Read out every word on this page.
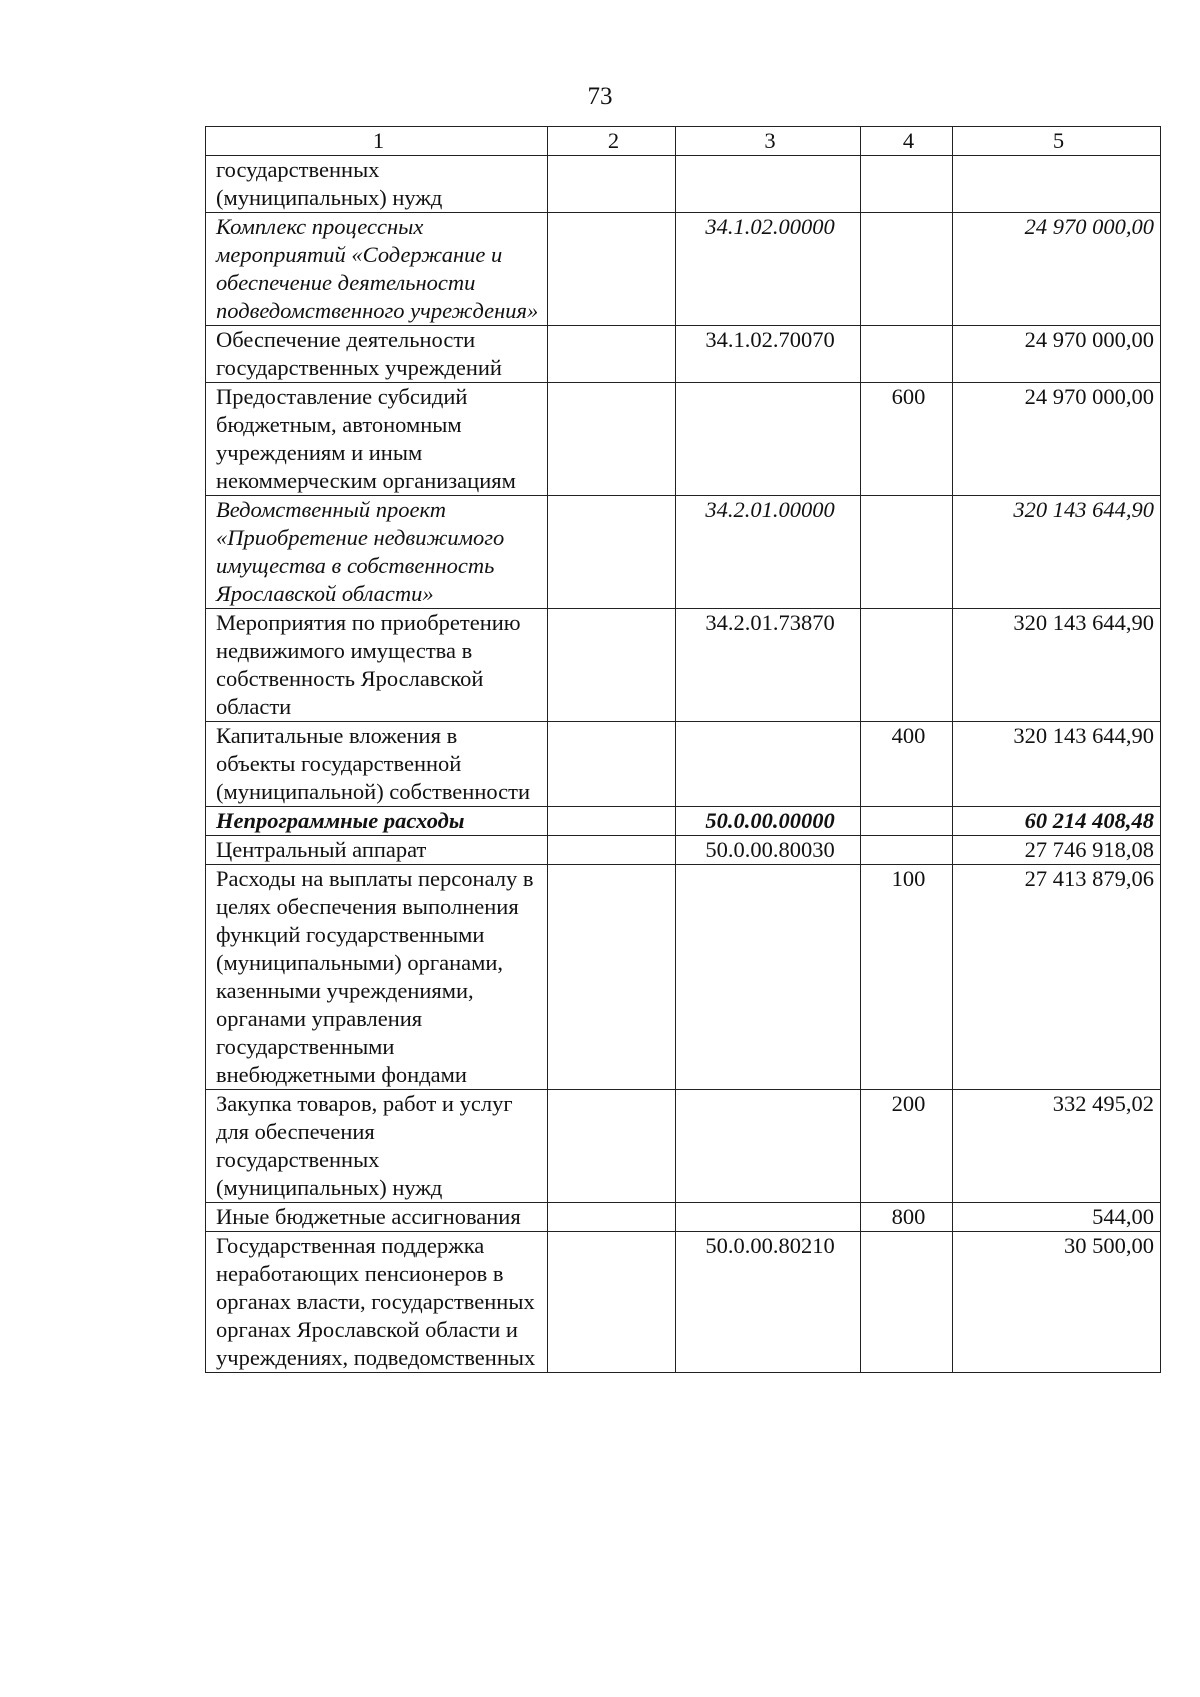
73
1	2	3	4	5
государственных (муниципальных) нужд				
Комплекс процессных мероприятий «Содержание и обеспечение деятельности подведомственного учреждения»		34.1.02.00000		24 970 000,00
Обеспечение деятельности государственных учреждений		34.1.02.70070		24 970 000,00
Предоставление субсидий бюджетным, автономным учреждениям и иным некоммерческим организациям			600	24 970 000,00
Ведомственный проект «Приобретение недвижимого имущества в собственность Ярославской области»		34.2.01.00000		320 143 644,90
Мероприятия по приобретению недвижимого имущества в собственность Ярославской области		34.2.01.73870		320 143 644,90
Капитальные вложения в объекты государственной (муниципальной) собственности			400	320 143 644,90
Непрограммные расходы		50.0.00.00000		60 214 408,48
Центральный аппарат		50.0.00.80030		27 746 918,08
Расходы на выплаты персоналу в целях обеспечения выполнения функций государственными (муниципальными) органами, казенными учреждениями, органами управления государственными внебюджетными фондами			100	27 413 879,06
Закупка товаров, работ и услуг для обеспечения государственных (муниципальных) нужд			200	332 495,02
Иные бюджетные ассигнования			800	544,00
Государственная поддержка неработающих пенсионеров в органах власти, государственных органах Ярославской области и учреждениях, подведомственных		50.0.00.80210		30 500,00
